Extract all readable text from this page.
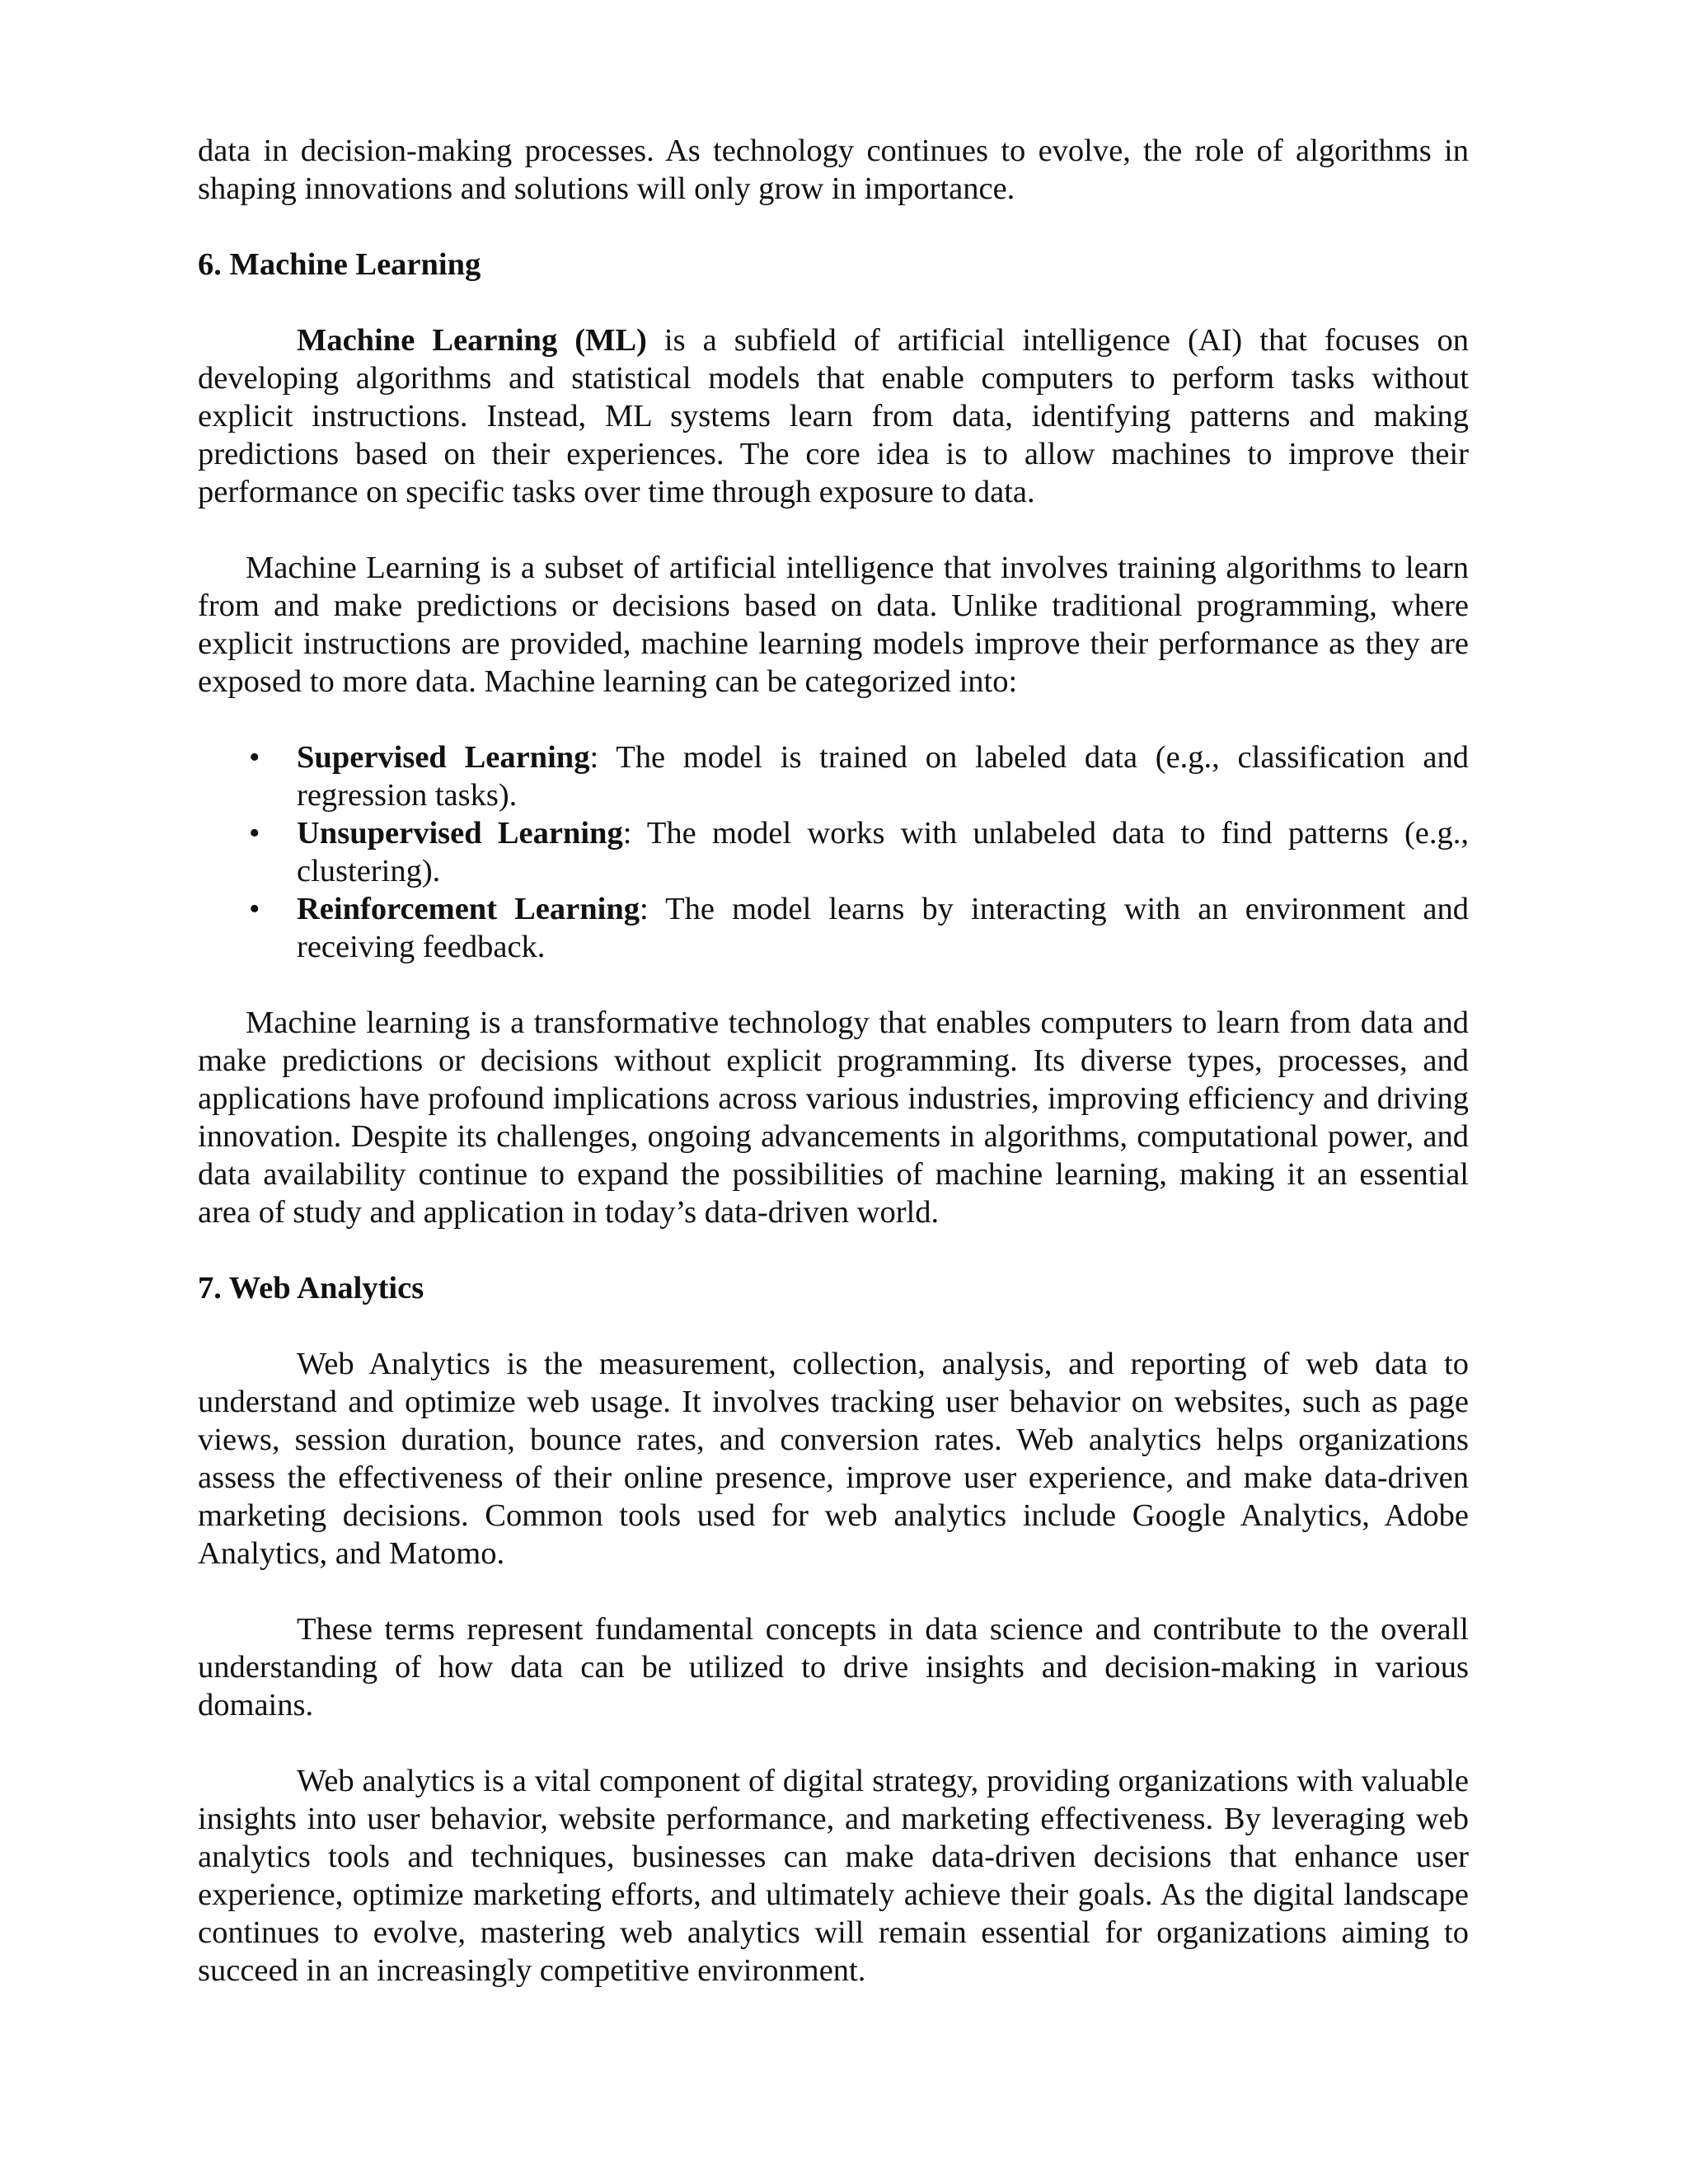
data in decision-making processes. As technology continues to evolve, the role of algorithms in shaping innovations and solutions will only grow in importance.

6. Machine Learning

Machine Learning (ML) is a subfield of artificial intelligence (AI) that focuses on developing algorithms and statistical models that enable computers to perform tasks without explicit instructions. Instead, ML systems learn from data, identifying patterns and making predictions based on their experiences. The core idea is to allow machines to improve their performance on specific tasks over time through exposure to data.

Machine Learning is a subset of artificial intelligence that involves training algorithms to learn from and make predictions or decisions based on data. Unlike traditional programming, where explicit instructions are provided, machine learning models improve their performance as they are exposed to more data. Machine learning can be categorized into:

• Supervised Learning: The model is trained on labeled data (e.g., classification and regression tasks).
• Unsupervised Learning: The model works with unlabeled data to find patterns (e.g., clustering).
• Reinforcement Learning: The model learns by interacting with an environment and receiving feedback.

Machine learning is a transformative technology that enables computers to learn from data and make predictions or decisions without explicit programming. Its diverse types, processes, and applications have profound implications across various industries, improving efficiency and driving innovation. Despite its challenges, ongoing advancements in algorithms, computational power, and data availability continue to expand the possibilities of machine learning, making it an essential area of study and application in today’s data-driven world.

7. Web Analytics

Web Analytics is the measurement, collection, analysis, and reporting of web data to understand and optimize web usage. It involves tracking user behavior on websites, such as page views, session duration, bounce rates, and conversion rates. Web analytics helps organizations assess the effectiveness of their online presence, improve user experience, and make data-driven marketing decisions. Common tools used for web analytics include Google Analytics, Adobe Analytics, and Matomo.

These terms represent fundamental concepts in data science and contribute to the overall understanding of how data can be utilized to drive insights and decision-making in various domains.

Web analytics is a vital component of digital strategy, providing organizations with valuable insights into user behavior, website performance, and marketing effectiveness. By leveraging web analytics tools and techniques, businesses can make data-driven decisions that enhance user experience, optimize marketing efforts, and ultimately achieve their goals. As the digital landscape continues to evolve, mastering web analytics will remain essential for organizations aiming to succeed in an increasingly competitive environment.
